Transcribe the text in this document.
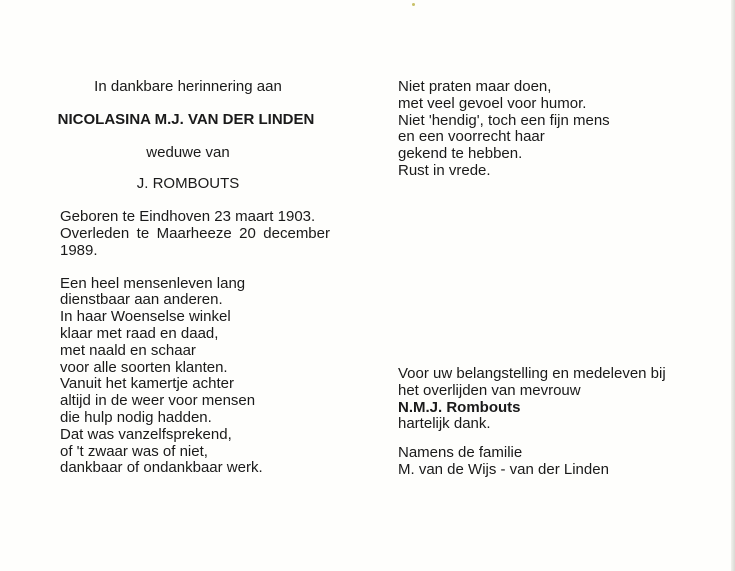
In dankbare herinnering aan
NICOLASINA M.J. VAN DER LINDEN
weduwe van
J. ROMBOUTS
Geboren te Eindhoven 23 maart 1903.
Overleden te Maarheeze 20 december
1989.
Een heel mensenleven lang
dienstbaar aan anderen.
In haar Woenselse winkel
klaar met raad en daad,
met naald en schaar
voor alle soorten klanten.
Vanuit het kamertje achter
altijd in de weer voor mensen
die hulp nodig hadden.
Dat was vanzelfsprekend,
of 't zwaar was of niet,
dankbaar of ondankbaar werk.
Niet praten maar doen,
met veel gevoel voor humor.
Niet 'hendig', toch een fijn mens
en een voorrecht haar
gekend te hebben.
Rust in vrede.
Voor uw belangstelling en medeleven bij
het overlijden van mevrouw
N.M.J. Rombouts
hartelijk dank.
Namens de familie
M. van de Wijs - van der Linden
